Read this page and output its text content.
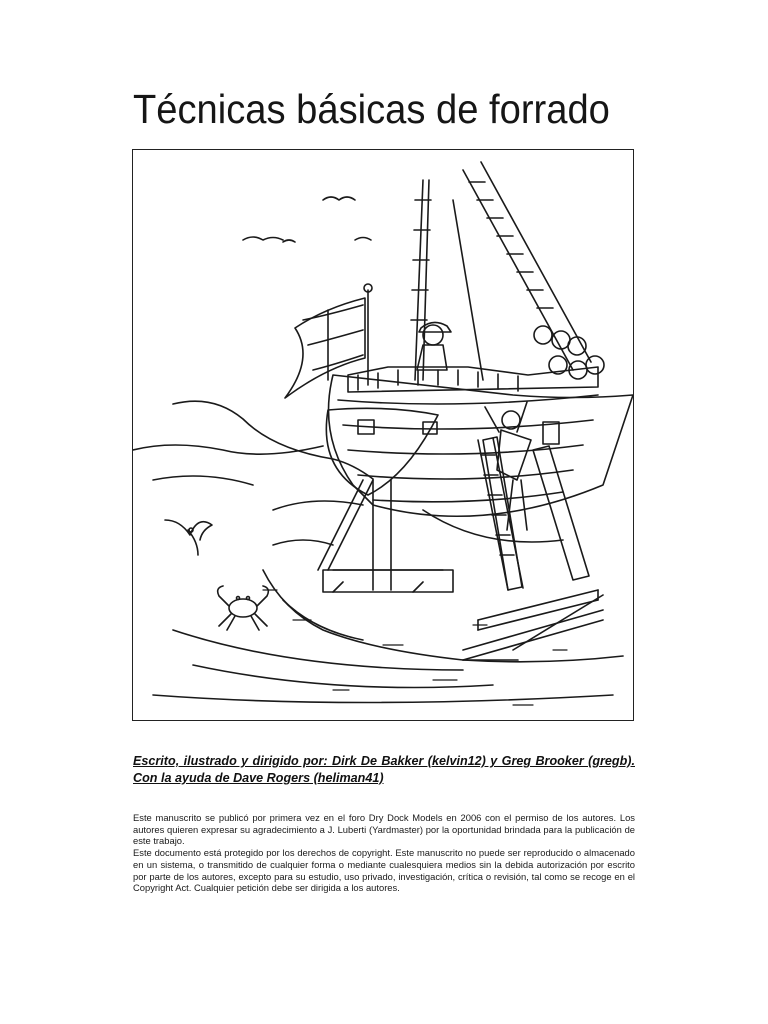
Técnicas básicas de forrado
Escrito, ilustrado y dirigido por: Dirk De Bakker (kelvin12) y Greg Brooker (gregb). Con la ayuda de Dave Rogers (heliman41)

Este manuscrito se publicó por primera vez en el foro Dry Dock Models en 2006 con el permiso de los autores. Los autores quieren expresar su agradecimiento a J. Luberti (Yardmaster) por la oportunidad brindada para la publicación de este trabajo.

Este documento está protegido por los derechos de copyright. Este manuscrito no puede ser reproducido o almacenado en un sistema, o transmitido de cualquier forma o mediante cualesquiera medios sin la debida autorización por escrito por parte de los autores, excepto para su estudio, uso privado, investigación, crítica o revisión, tal como se recoge en el Copyright Act. Cualquier petición debe ser dirigida a los autores.
